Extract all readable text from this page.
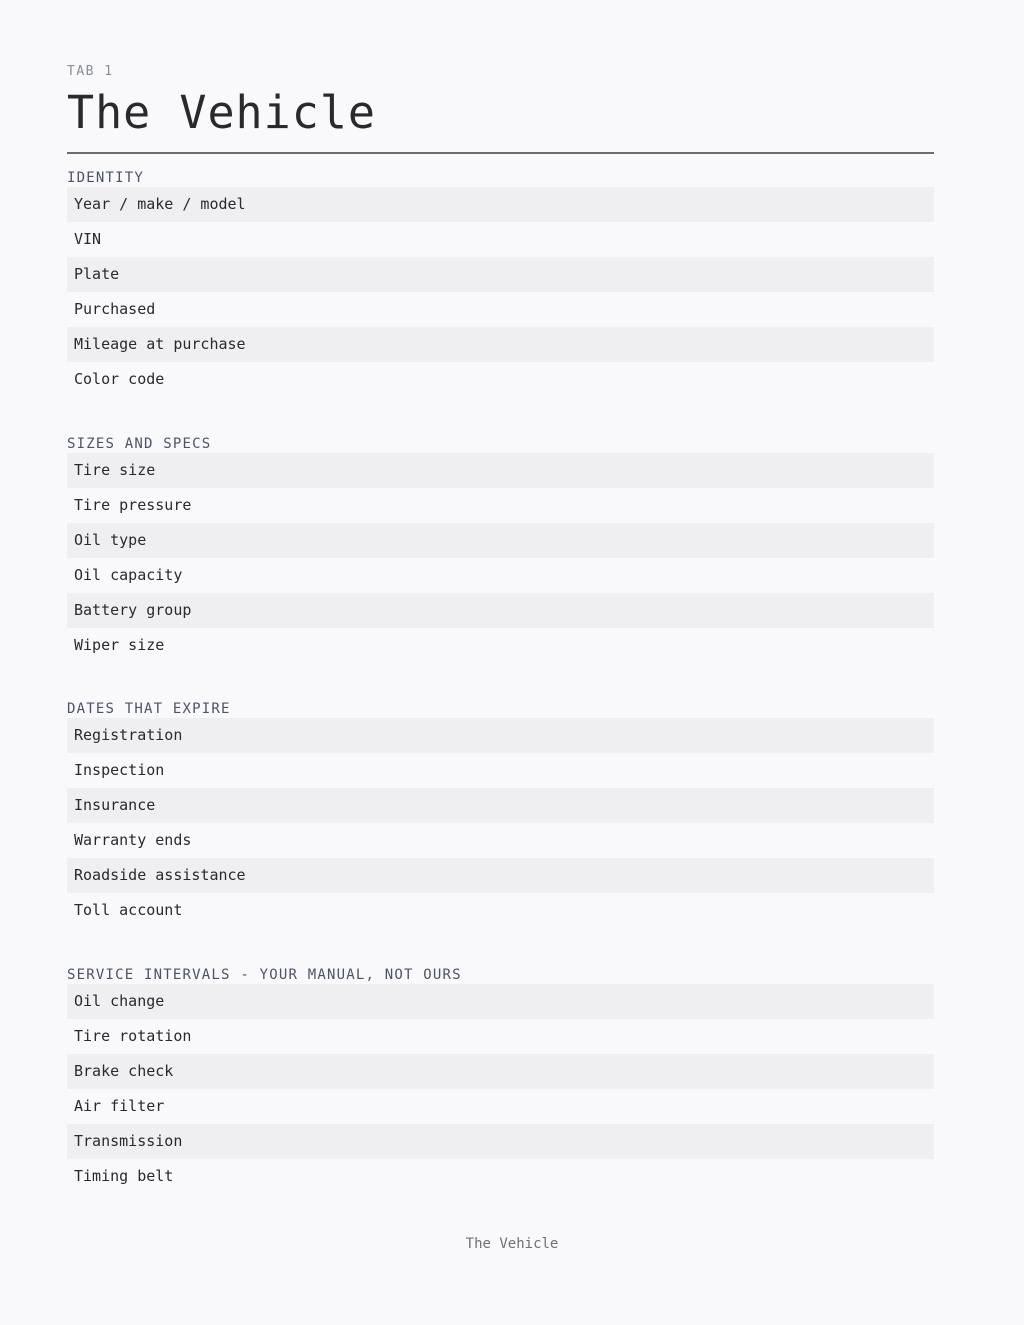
TAB 1
The Vehicle
IDENTITY
Year / make / model
VIN
Plate
Purchased
Mileage at purchase
Color code
SIZES AND SPECS
Tire size
Tire pressure
Oil type
Oil capacity
Battery group
Wiper size
DATES THAT EXPIRE
Registration
Inspection
Insurance
Warranty ends
Roadside assistance
Toll account
SERVICE INTERVALS - YOUR MANUAL, NOT OURS
Oil change
Tire rotation
Brake check
Air filter
Transmission
Timing belt
The Vehicle
